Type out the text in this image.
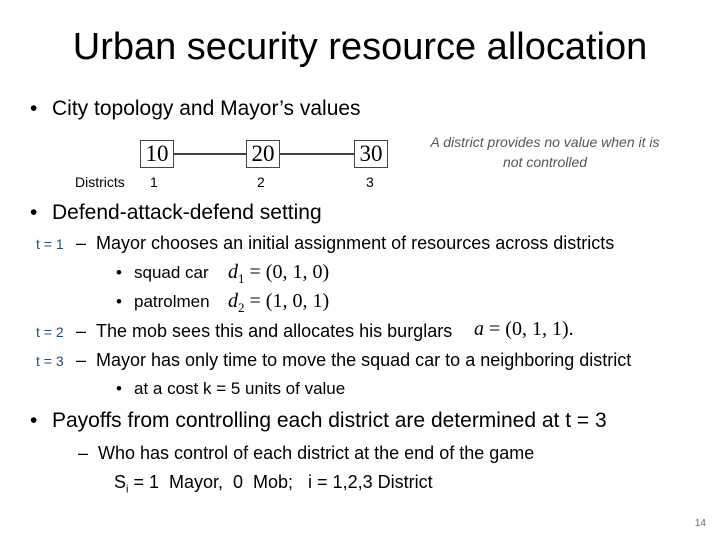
Urban security resource allocation
• City topology and Mayor’s values
10	20	30
Districts 1	2	3
A district provides no value when it is not controlled
• Defend-attack-defend setting
t = 1 – Mayor chooses an initial assignment of resources across districts
• squad car $d_1 = (0$, 1, 0)
• patrolmen $d_2 = (1$, 0, 1)
t = 2 – The mob sees this and allocates his burglars a = (0, 1, 1).
t = 3 – Mayor has only time to move the squad car to a neighboring district
• at a cost k = 5 units of value
• Payoffs from controlling each district are determined at t = 3
– Who has control of each district at the end of the game
$S_i = 1$  Mayor,  0  Mob;   i = 1,2,3 District
14
